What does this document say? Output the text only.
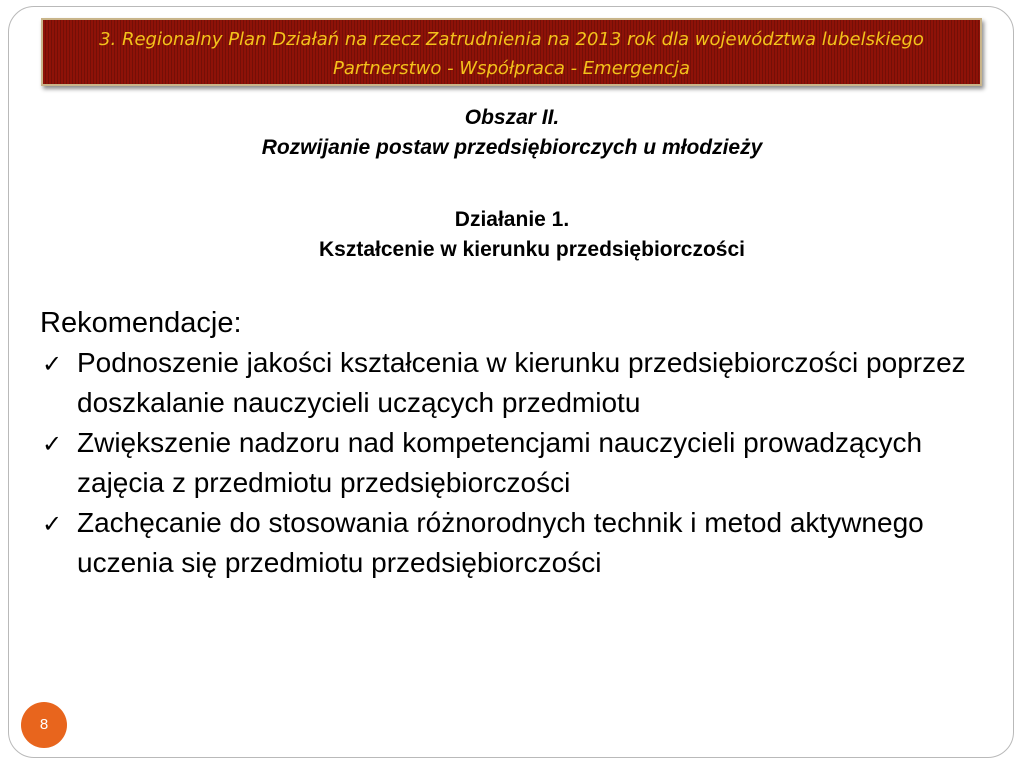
3. Regionalny Plan Działań na rzecz Zatrudnienia na 2013 rok dla województwa lubelskiego
Partnerstwo - Współpraca - Emergencja
Obszar II.
Rozwijanie postaw przedsiębiorczych u młodzieży
Działanie 1.
Kształcenie w kierunku przedsiębiorczości
Rekomendacje:
✓ Podnoszenie jakości kształcenia w kierunku przedsiębiorczości poprzez doszkalanie nauczycieli uczących przedmiotu
✓ Zwiększenie nadzoru nad kompetencjami nauczycieli prowadzących zajęcia z przedmiotu przedsiębiorczości
✓ Zachęcanie do stosowania różnorodnych technik i metod aktywnego uczenia się przedmiotu przedsiębiorczości
8
